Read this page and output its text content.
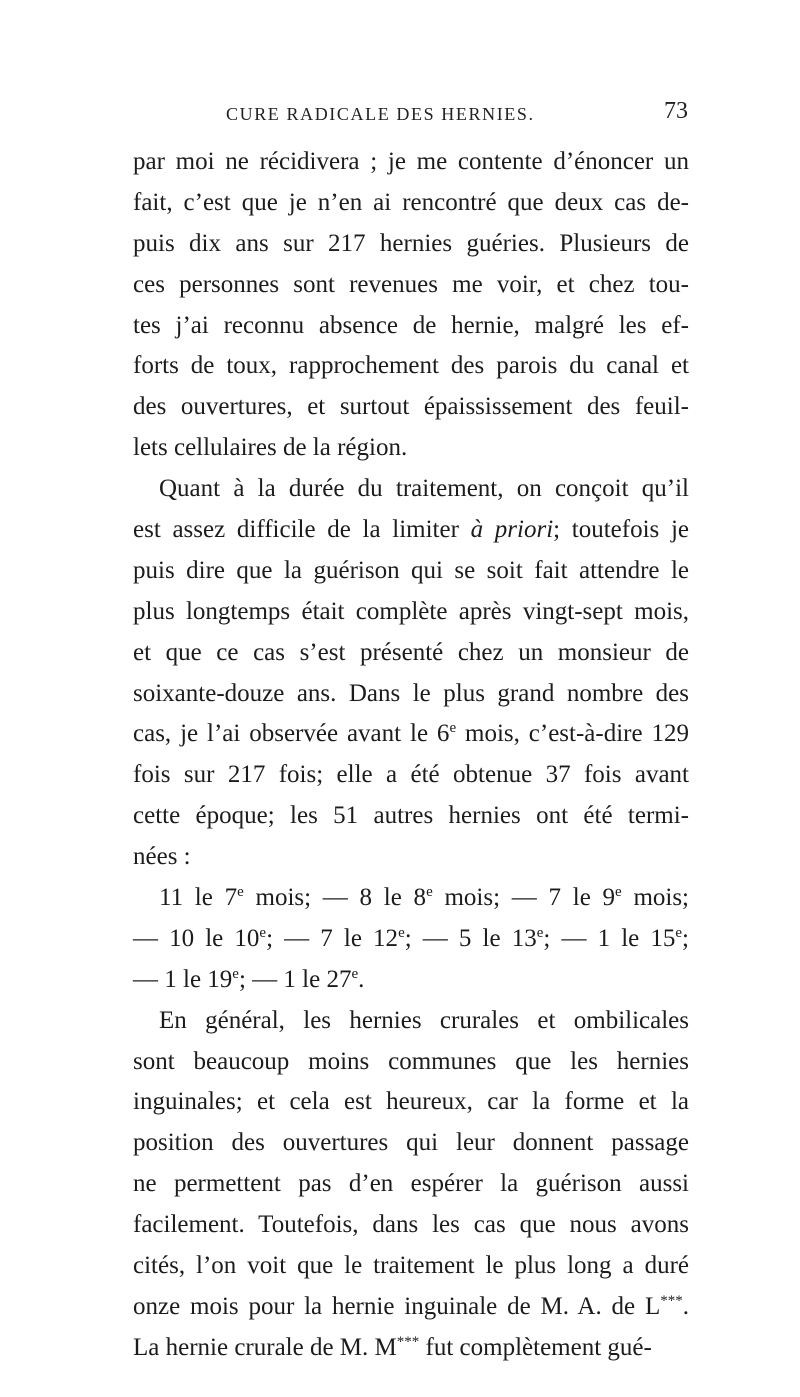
CURE RADICALE DES HERNIES.	73
par moi ne récidivera ; je me contente d’énoncer un
fait, c’est que je n’en ai rencontré que deux cas de-
puis dix ans sur 217 hernies guéries. Plusieurs de
ces personnes sont revenues me voir, et chez tou-
tes j’ai reconnu absence de hernie, malgré les ef-
forts de toux, rapprochement des parois du canal et
des ouvertures, et surtout épaississement des feuil-
lets cellulaires de la région.
Quant à la durée du traitement, on conçoit qu’il
est assez difficile de la limiter à priori; toutefois je
puis dire que la guérison qui se soit fait attendre le
plus longtemps était complète après vingt-sept mois,
et que ce cas s’est présenté chez un monsieur de
soixante-douze ans. Dans le plus grand nombre des
cas, je l’ai observée avant le 6e mois, c’est-à-dire 129
fois sur 217 fois; elle a été obtenue 37 fois avant
cette époque; les 51 autres hernies ont été termi-
nées :
11 le 7e mois; — 8 le 8e mois; — 7 le 9e mois;
— 10 le 10e; — 7 le 12e; — 5 le 13e; — 1 le 15e;
— 1 le 19e; — 1 le 27e.
En général, les hernies crurales et ombilicales
sont beaucoup moins communes que les hernies
inguinales; et cela est heureux, car la forme et la
position des ouvertures qui leur donnent passage
ne permettent pas d’en espérer la guérison aussi
facilement. Toutefois, dans les cas que nous avons
cités, l’on voit que le traitement le plus long a duré
onze mois pour la hernie inguinale de M. A. de L***.
La hernie crurale de M. M*** fut complètement gué-
